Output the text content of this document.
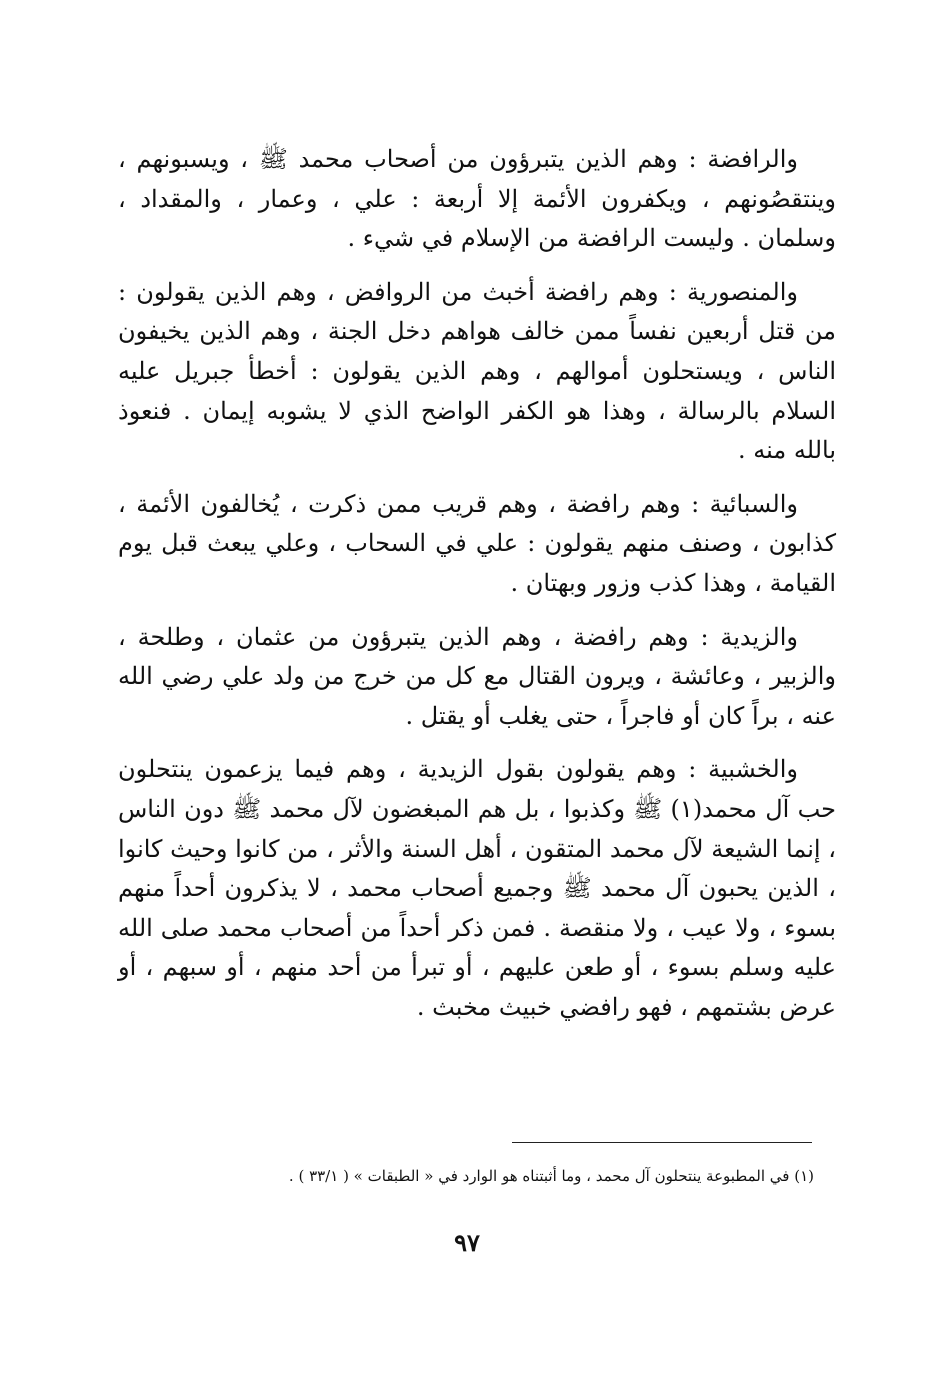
والرافضة : وهم الذين يتبرؤون من أصحاب محمد ﷺ ، ويسبونهم ، وينتقصُونهم ، ويكفرون الأئمة إلا أربعة : علي ، وعمار ، والمقداد ، وسلمان . وليست الرافضة من الإسلام في شيء .

والمنصورية : وهم رافضة أخبث من الروافض ، وهم الذين يقولون : من قتل أربعين نفساً ممن خالف هواهم دخل الجنة ، وهم الذين يخيفون الناس ، ويستحلون أموالهم ، وهم الذين يقولون : أخطأ جبريل عليه السلام بالرسالة ، وهذا هو الكفر الواضح الذي لا يشوبه إيمان . فنعوذ بالله منه .

والسبائية : وهم رافضة ، وهم قريب ممن ذكرت ، يُخالفون الأئمة ، كذابون ، وصنف منهم يقولون : علي في السحاب ، وعلي يبعث قبل يوم القيامة ، وهذا كذب وزور وبهتان .

والزيدية : وهم رافضة ، وهم الذين يتبرؤون من عثمان ، وطلحة ، والزبير ، وعائشة ، ويرون القتال مع كل من خرج من ولد علي رضي الله عنه ، براً كان أو فاجراً ، حتى يغلب أو يقتل .

والخشبية : وهم يقولون بقول الزيدية ، وهم فيما يزعمون ينتحلون حب آل محمد(١) ﷺ وكذبوا ، بل هم المبغضون لآل محمد ﷺ دون الناس ، إنما الشيعة لآل محمد المتقون ، أهل السنة والأثر ، من كانوا وحيث كانوا ، الذين يحبون آل محمد ﷺ وجميع أصحاب محمد ، لا يذكرون أحداً منهم بسوء ، ولا عيب ، ولا منقصة . فمن ذكر أحداً من أصحاب محمد صلى الله عليه وسلم بسوء ، أو طعن عليهم ، أو تبرأ من أحد منهم ، أو سبهم ، أو عرض بشتمهم ، فهو رافضي خبيث مخبث .

(١) في المطبوعة ينتحلون آل محمد ، وما أثبتناه هو الوارد في « الطبقات » ( ٣٣/١ ) .
٩٧
